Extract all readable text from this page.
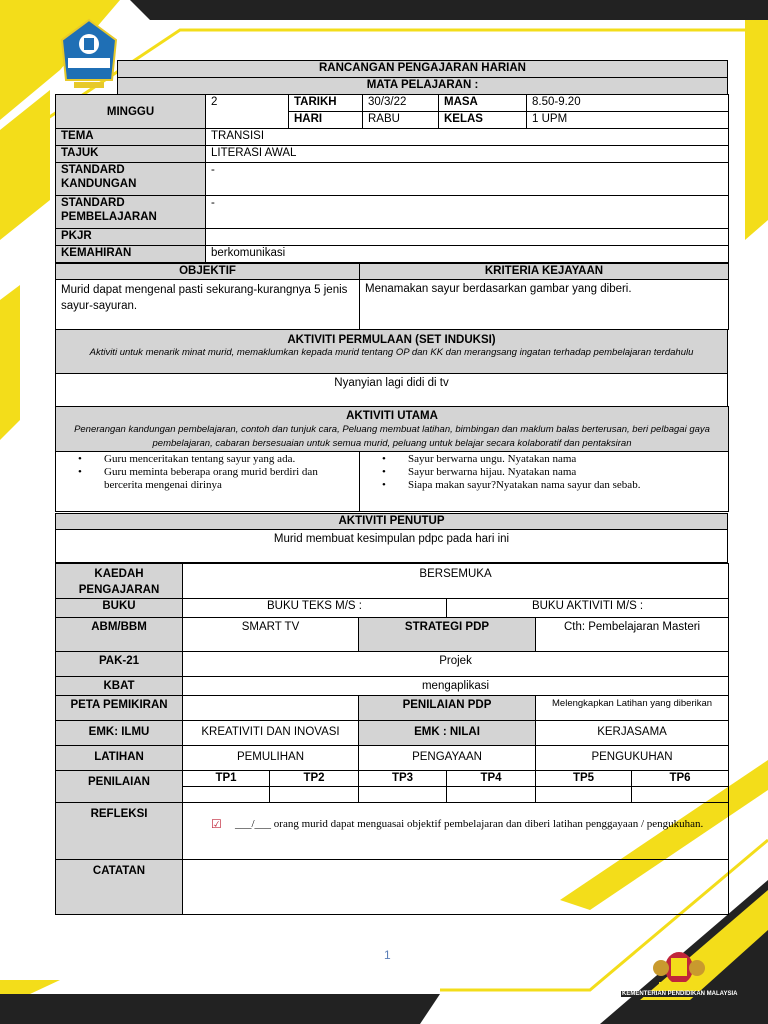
RANCANGAN PENGAJARAN HARIAN
MATA PELAJARAN :
MINGGU	2	TARIKH	30/3/22	MASA	8.50-9.20
		HARI	RABU	KELAS	1 UPM
TEMA	TRANSISI				
TAJUK	LITERASI AWAL				
STANDARD KANDUNGAN	-				
STANDARD PEMBELAJARAN	-				
PKJR					
KEMAHIRAN	berkomunikasi				
OBJEKTIF	KRITERIA KEJAYAAN
Murid dapat mengenal pasti sekurang-kurangnya 5 jenis sayur-sayuran.	Menamakan sayur berdasarkan gambar yang diberi.
AKTIVITI PERMULAAN (SET INDUKSI)
Aktiviti untuk menarik minat murid, memaklumkan kepada murid tentang OP dan KK dan merangsang ingatan terhadap pembelajaran terdahulu

Nyanyian lagi didi di tv
AKTIVITI UTAMA
Penerangan kandungan pembelajaran, contoh dan tunjuk cara, Peluang membuat latihan, bimbingan dan maklum balas berterusan, beri pelbagai gaya pembelajaran, cabaran bersesuaian untuk semua murid, peluang untuk belajar secara kolaboratif dan pentaksiran

• Guru menceritakan tentang sayur yang ada.
• Guru meminta beberapa orang murid berdiri dan bercerita mengenai dirinya

• Sayur berwarna ungu. Nyatakan nama
• Sayur berwarna hijau. Nyatakan nama
• Siapa makan sayur?Nyatakan nama sayur dan sebab.
AKTIVITI PENUTUP
Murid membuat kesimpulan pdpc pada hari ini
KAEDAH PENGAJARAN	BERSEMUKA					
BUKU	BUKU TEKS M/S :			BUKU AKTIVITI M/S :		
ABM/BBM	SMART TV		STRATEGI PDP		Cth: Pembelajaran Masteri	
PAK-21	Projek					
KBAT	mengaplikasi					
PETA PEMIKIRAN			PENILAIAN PDP		Melengkapkan Latihan yang diberikan	
EMK: ILMU	KREATIVITI DAN INOVASI		EMK : NILAI		KERJASAMA	
LATIHAN	PEMULIHAN		PENGAYAAN		PENGUKUHAN	
PENILAIAN	TP1	TP2	TP3	TP4	TP5	TP6

REFLEKSI	☑ ___/___ orang murid dapat menguasai objektif pembelajaran dan diberi latihan penggayaan / pengukuhan.					

CATATAN						
1
KEMENTERIAN PENDIDIKAN MALAYSIA
